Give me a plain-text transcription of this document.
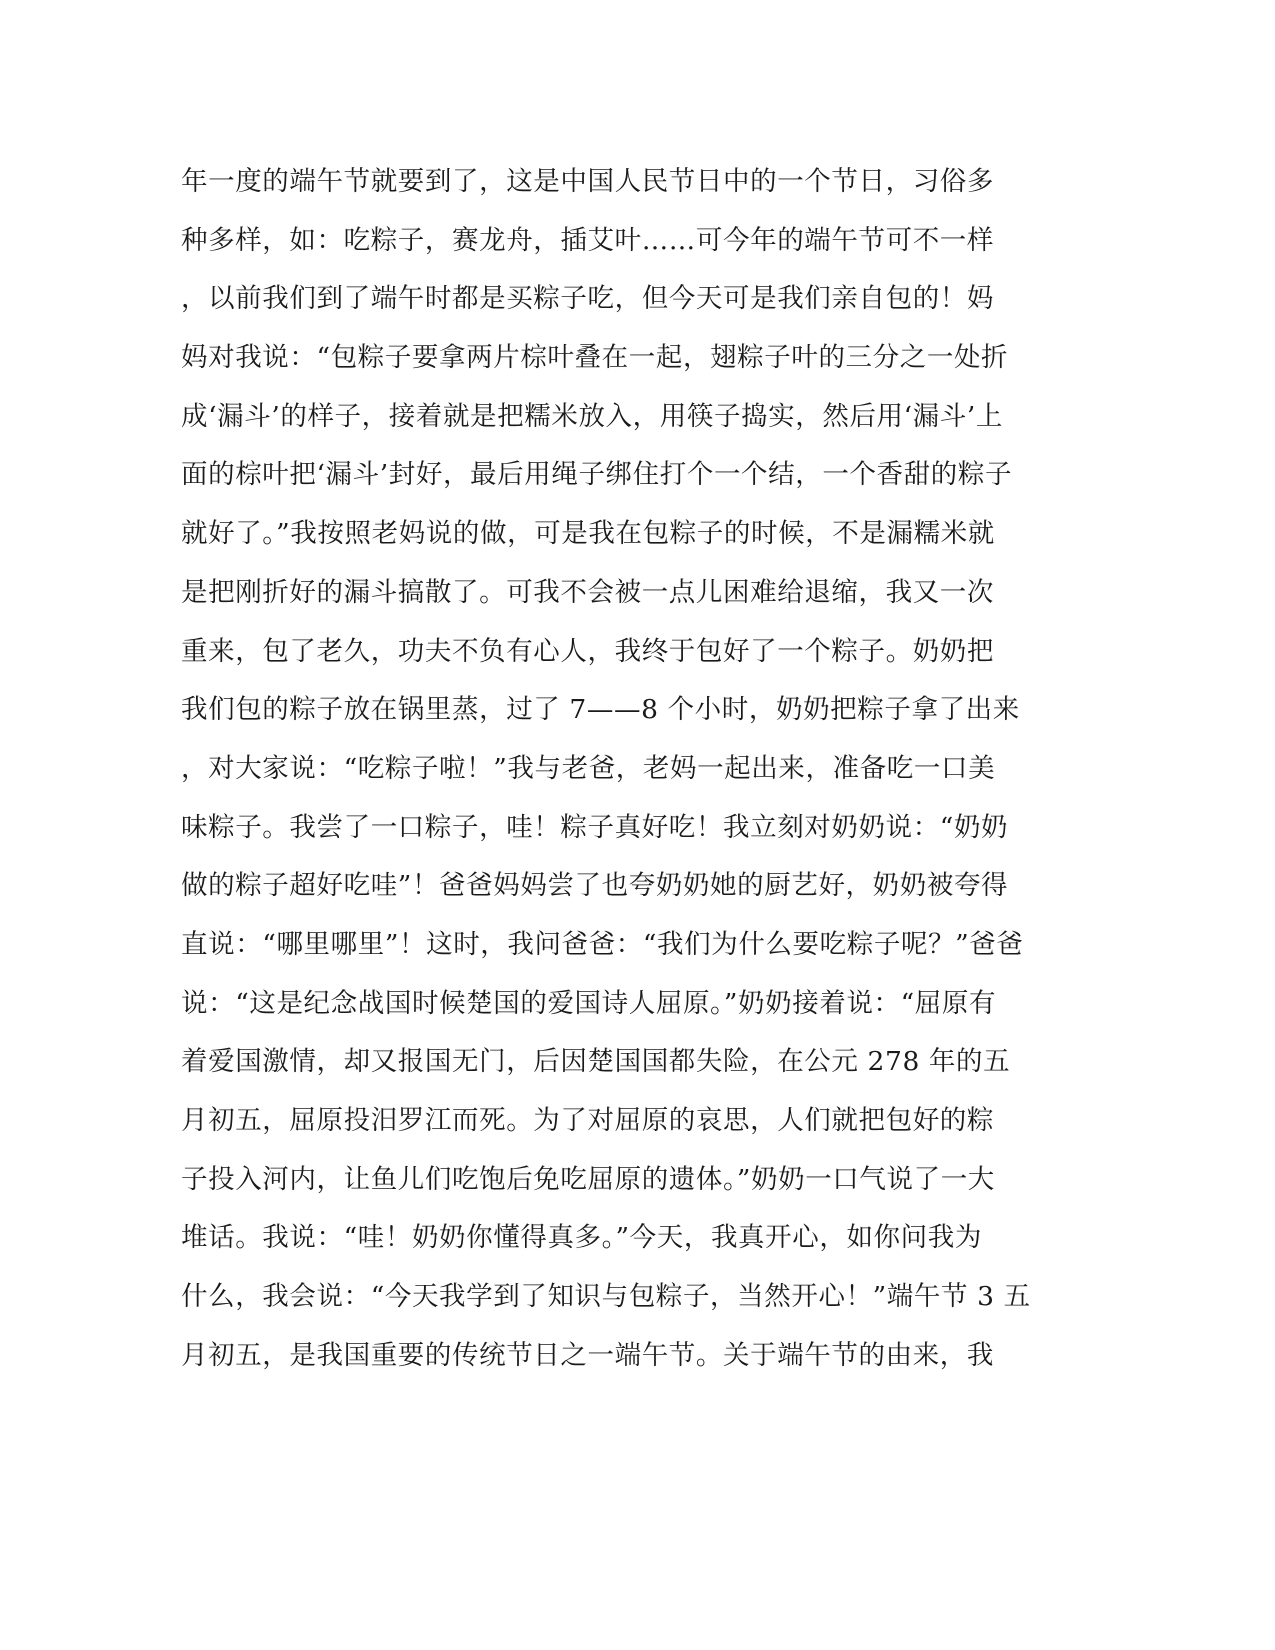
年一度的端午节就要到了，这是中国人民节日中的一个节日，习俗多
种多样，如：吃粽子，赛龙舟，插艾叶……可今年的端午节可不一样
，以前我们到了端午时都是买粽子吃，但今天可是我们亲自包的！妈
妈对我说：“包粽子要拿两片棕叶叠在一起，翅粽子叶的三分之一处折
成‘漏斗’的样子，接着就是把糯米放入，用筷子捣实，然后用‘漏斗’上
面的棕叶把‘漏斗’封好，最后用绳子绑住打个一个结，一个香甜的粽子
就好了。”我按照老妈说的做，可是我在包粽子的时候，不是漏糯米就
是把刚折好的漏斗搞散了。可我不会被一点儿困难给退缩，我又一次
重来，包了老久，功夫不负有心人，我终于包好了一个粽子。奶奶把
我们包的粽子放在锅里蒸，过了 7——8 个小时，奶奶把粽子拿了出来
，对大家说：“吃粽子啦！”我与老爸，老妈一起出来，准备吃一口美
味粽子。我尝了一口粽子，哇！粽子真好吃！我立刻对奶奶说：“奶奶
做的粽子超好吃哇”！爸爸妈妈尝了也夸奶奶她的厨艺好，奶奶被夸得
直说：“哪里哪里”！这时，我问爸爸：“我们为什么要吃粽子呢？”爸爸
说：“这是纪念战国时候楚国的爱国诗人屈原。”奶奶接着说：“屈原有
着爱国激情，却又报国无门，后因楚国国都失险，在公元 278 年的五
月初五，屈原投汨罗江而死。为了对屈原的哀思，人们就把包好的粽
子投入河内，让鱼儿们吃饱后免吃屈原的遗体。”奶奶一口气说了一大
堆话。我说：“哇！奶奶你懂得真多。”今天，我真开心，如你问我为
什么，我会说：“今天我学到了知识与包粽子，当然开心！”端午节 3 五
月初五，是我国重要的传统节日之一端午节。关于端午节的由来，我
